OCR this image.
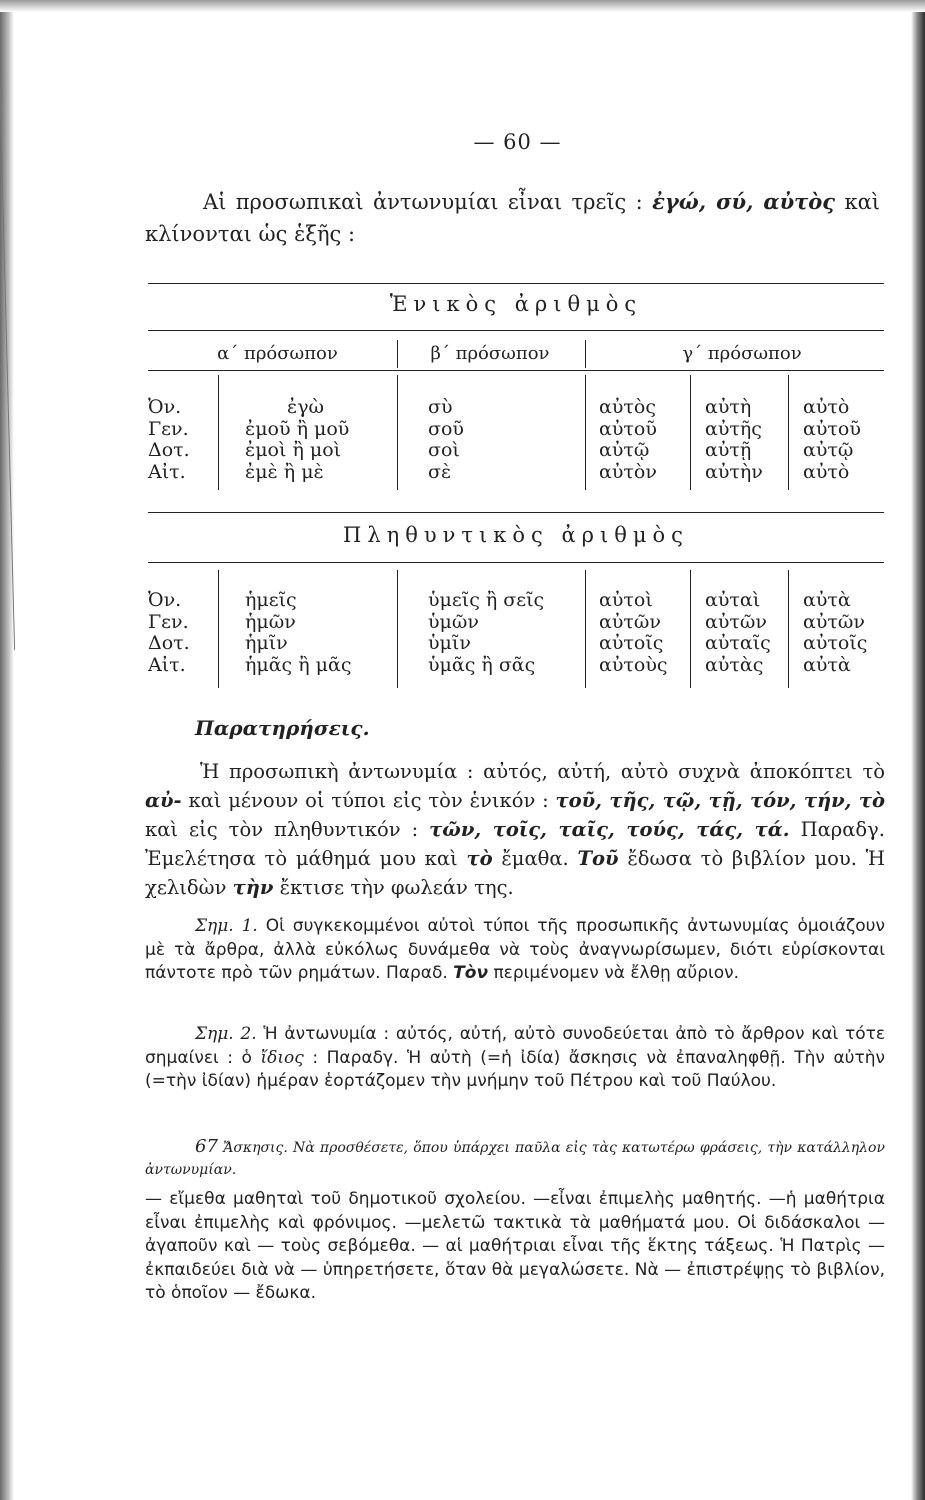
— 60 —
Αἱ προσωπικαὶ ἀντωνυμίαι εἶναι τρεῖς : ἐγώ, σύ, αὐτὸς καὶ κλίνονται ὡς ἑξῆς :
Ἑνικὸς ἀριθμὸς
α΄ πρόσωπον	β΄ πρόσωπον	γ΄ πρόσωπον
Ὀν.
Γεν.
Δοτ.
Αἰτ.
ἐγὼ
ἐμοῦ ἢ μοῦ
ἐμοὶ ἢ μοὶ
ἐμὲ ἢ μὲ
σὺ
σοῦ
σοὶ
σὲ
αὐτὸς
αὐτοῦ
αὐτῷ
αὐτὸν
αὐτὴ
αὐτῆς
αὐτῇ
αὐτὴν
αὐτὸ
αὐτοῦ
αὐτῷ
αὐτὸ
Πληθυντικὸς ἀριθμὸς
Ὀν.
Γεν.
Δοτ.
Αἰτ.
ἡμεῖς
ἡμῶν
ἡμῖν
ἡμᾶς ἢ μᾶς
ὑμεῖς ἢ σεῖς
ὑμῶν
ὑμῖν
ὑμᾶς ἢ σᾶς
αὐτοὶ
αὐτῶν
αὐτοῖς
αὐτοὺς
αὐταὶ
αὐτῶν
αὐταῖς
αὐτὰς
αὐτὰ
αὐτῶν
αὐτοῖς
αὐτὰ
Παρατηρήσεις.
Ἡ προσωπικὴ ἀντωνυμία : αὐτός, αὐτή, αὐτὸ συχνὰ ἀποκόπτει τὸ αὐ- καὶ μένουν οἱ τύποι εἰς τὸν ἑνικόν : τοῦ, τῆς, τῷ, τῇ, τόν, τήν, τὸ καὶ εἰς τὸν πληθυντικόν : τῶν, τοῖς, ταῖς, τούς, τάς, τά. Παραδγ. Ἐμελέτησα τὸ μάθημά μου καὶ τὸ ἔμαθα. Τοῦ ἔδωσα τὸ βιβλίον μου. Ἡ χελιδὼν τὴν ἔκτισε τὴν φωλεάν της.
Σημ. 1. Οἱ συγκεκομμένοι αὐτοὶ τύποι τῆς προσωπικῆς ἀντωνυμίας ὁμοιάζουν μὲ τὰ ἄρθρα, ἀλλὰ εὐκόλως δυνάμεθα νὰ τοὺς ἀναγνωρίσωμεν, διότι εὑρίσκονται πάντοτε πρὸ τῶν ρημάτων. Παραδ. Τὸν περιμένομεν νὰ ἔλθῃ αὔριον.
Σημ. 2. Ἡ ἀντωνυμία : αὐτός, αὐτή, αὐτὸ συνοδεύεται ἀπὸ τὸ ἄρθρον καὶ τότε σημαίνει : ὁ ἴδιος : Παραδγ. Ἡ αὐτὴ (=ἡ ἰδία) ἄσκησις νὰ ἐπαναληφθῇ. Τὴν αὐτὴν (=τὴν ἰδίαν) ἡμέραν ἑορτάζομεν τὴν μνήμην τοῦ Πέτρου καὶ τοῦ Παύλου.
67 Ἄσκησις. Νὰ προσθέσετε, ὅπου ὑπάρχει παῦλα εἰς τὰς κατωτέρω φράσεις, τὴν κατάλληλον ἀντωνυμίαν.
— εἴμεθα μαθηταὶ τοῦ δημοτικοῦ σχολείου. —εἶναι ἐπιμελὴς μαθητής. —ἡ μαθήτρια εἶναι ἐπιμελὴς καὶ φρόνιμος. —μελετῶ τακτικὰ τὰ μαθήματά μου. Οἱ διδάσκαλοι — ἀγαποῦν καὶ — τοὺς σεβόμεθα. — αἱ μαθήτριαι εἶναι τῆς ἕκτης τάξεως. Ἡ Πατρὶς — ἐκπαιδεύει διὰ νὰ — ὑπηρετήσετε, ὅταν θὰ μεγαλώσετε. Νὰ — ἐπιστρέψῃς τὸ βιβλίον, τὸ ὁποῖον — ἔδωκα.
